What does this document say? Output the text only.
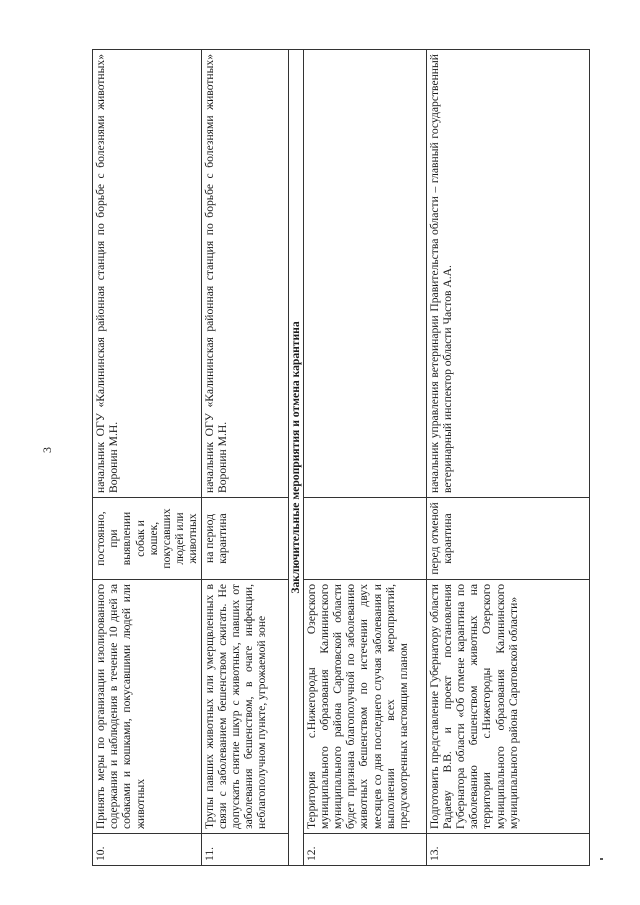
3
10.	Принять меры по организации изолированного содержания и наблюдения в течение 10 дней за собаками и кошками, покусавшими людей или животных	постоянно, при выявлении собак и кошек, покусавших людей или животных	начальник ОГУ «Калининская районная станция по борьбе с болезнями животных» Воронин М.Н.
11.	Трупы павших животных или умерщвленных в связи с заболеванием бешенством сжигать. Не допускать снятие шкур с животных, павших от заболевания бешенством, в очаге инфекции, неблагополучном пункте, угрожаемой зоне	на период карантина	начальник ОГУ «Калининская районная станция по борьбе с болезнями животных» Воронин М.Н.
Заключительные мероприятия и отмена карантина			
12.	Территория с.Нижегороды Озерского муниципального образования Калининского муниципального района Саратовской области будет признана благополучной по заболеванию животных бешенством по истечении двух месяцев со дня последнего случая заболевания и выполнении всех мероприятий, предусмотренных настоящим планом		
13.	Подготовить представление Губернатору области Радаеву В.В. и проект постановления Губернатора области «Об отмене карантина по заболеванию бешенством животных на территории с.Нижегороды Озерского муниципального образования Калининского муниципального района Саратовской области»	перед отменой карантина	начальник управления ветеринарии Правительства области – главный государственный ветеринарный инспектор области Частов А.А.
